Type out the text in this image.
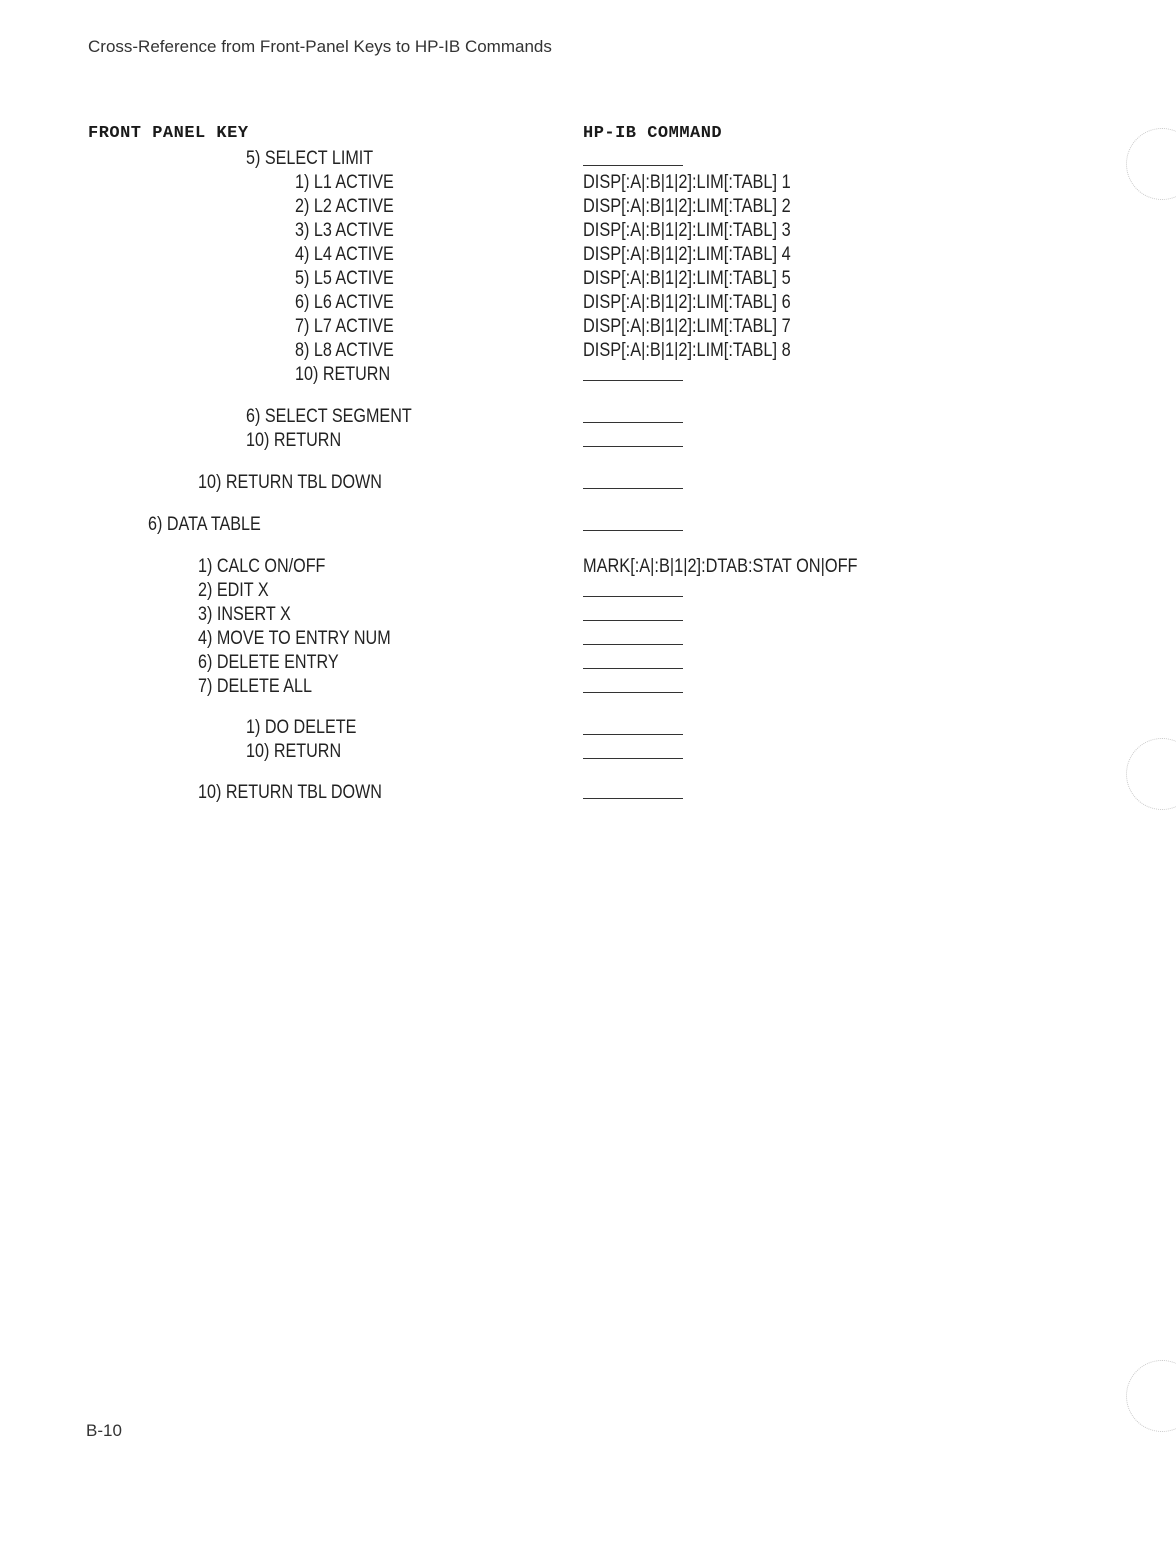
Cross-Reference from Front-Panel Keys to HP-IB Commands
FRONT PANEL KEY	HP-IB COMMAND
5) SELECT LIMIT
1) L1 ACTIVE	DISP[:A|:B|1|2]:LIM[:TABL] 1
2) L2 ACTIVE	DISP[:A|:B|1|2]:LIM[:TABL] 2
3) L3 ACTIVE	DISP[:A|:B|1|2]:LIM[:TABL] 3
4) L4 ACTIVE	DISP[:A|:B|1|2]:LIM[:TABL] 4
5) L5 ACTIVE	DISP[:A|:B|1|2]:LIM[:TABL] 5
6) L6 ACTIVE	DISP[:A|:B|1|2]:LIM[:TABL] 6
7) L7 ACTIVE	DISP[:A|:B|1|2]:LIM[:TABL] 7
8) L8 ACTIVE	DISP[:A|:B|1|2]:LIM[:TABL] 8
10) RETURN
6) SELECT SEGMENT
10) RETURN
10) RETURN TBL DOWN
6) DATA TABLE
1) CALC ON/OFF	MARK[:A|:B|1|2]:DTAB:STAT ON|OFF
2) EDIT X
3) INSERT X
4) MOVE TO ENTRY NUM
6) DELETE ENTRY
7) DELETE ALL
1) DO DELETE
10) RETURN
10) RETURN TBL DOWN
B-10
